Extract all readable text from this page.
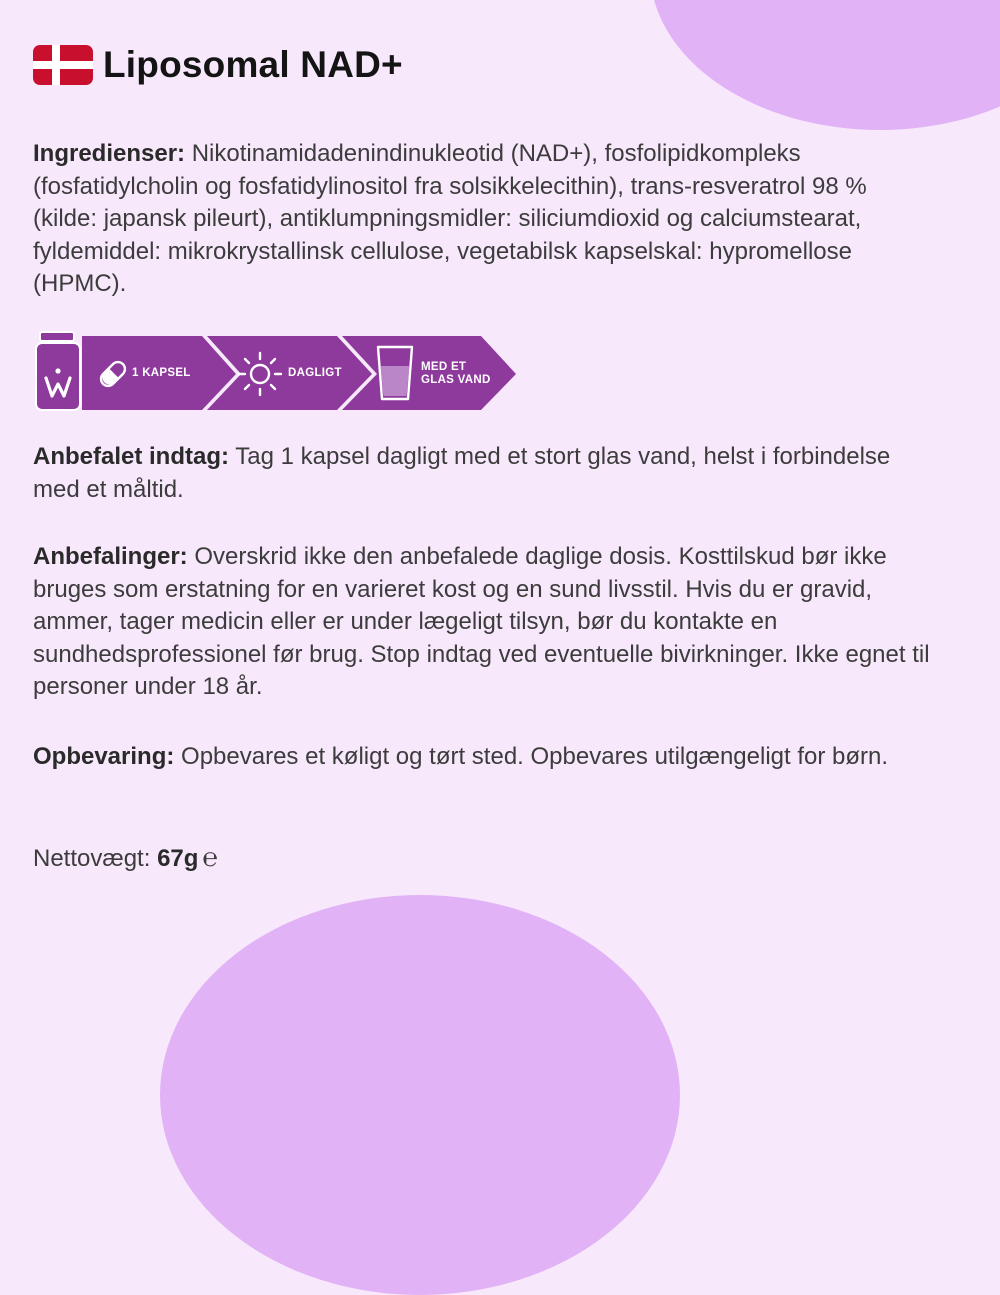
Liposomal NAD+

Ingredienser: Nikotinamidadenindinukleotid (NAD+), fosfolipidkompleks (fosfatidylcholin og fosfatidylinositol fra solsikkelecithin), trans-resveratrol 98 % (kilde: japansk pileurt), antiklumpningsmidler: siliciumdioxid og calciumstearat, fyldemiddel: mikrokrystallinsk cellulose, vegetabilsk kapselskal: hypromellose (HPMC).

1 KAPSEL	DAGLIGT	MED ET
GLAS VAND

Anbefalet indtag: Tag 1 kapsel dagligt med et stort glas vand, helst i forbindelse med et måltid.

Anbefalinger: Overskrid ikke den anbefalede daglige dosis. Kosttilskud bør ikke bruges som erstatning for en varieret kost og en sund livsstil. Hvis du er gravid, ammer, tager medicin eller er under lægeligt tilsyn, bør du kontakte en sundhedsprofessionel før brug. Stop indtag ved eventuelle bivirkninger. Ikke egnet til personer under 18 år.

Opbevaring: Opbevares et køligt og tørt sted. Opbevares utilgængeligt for børn.

Nettovægt: 67g ℮
